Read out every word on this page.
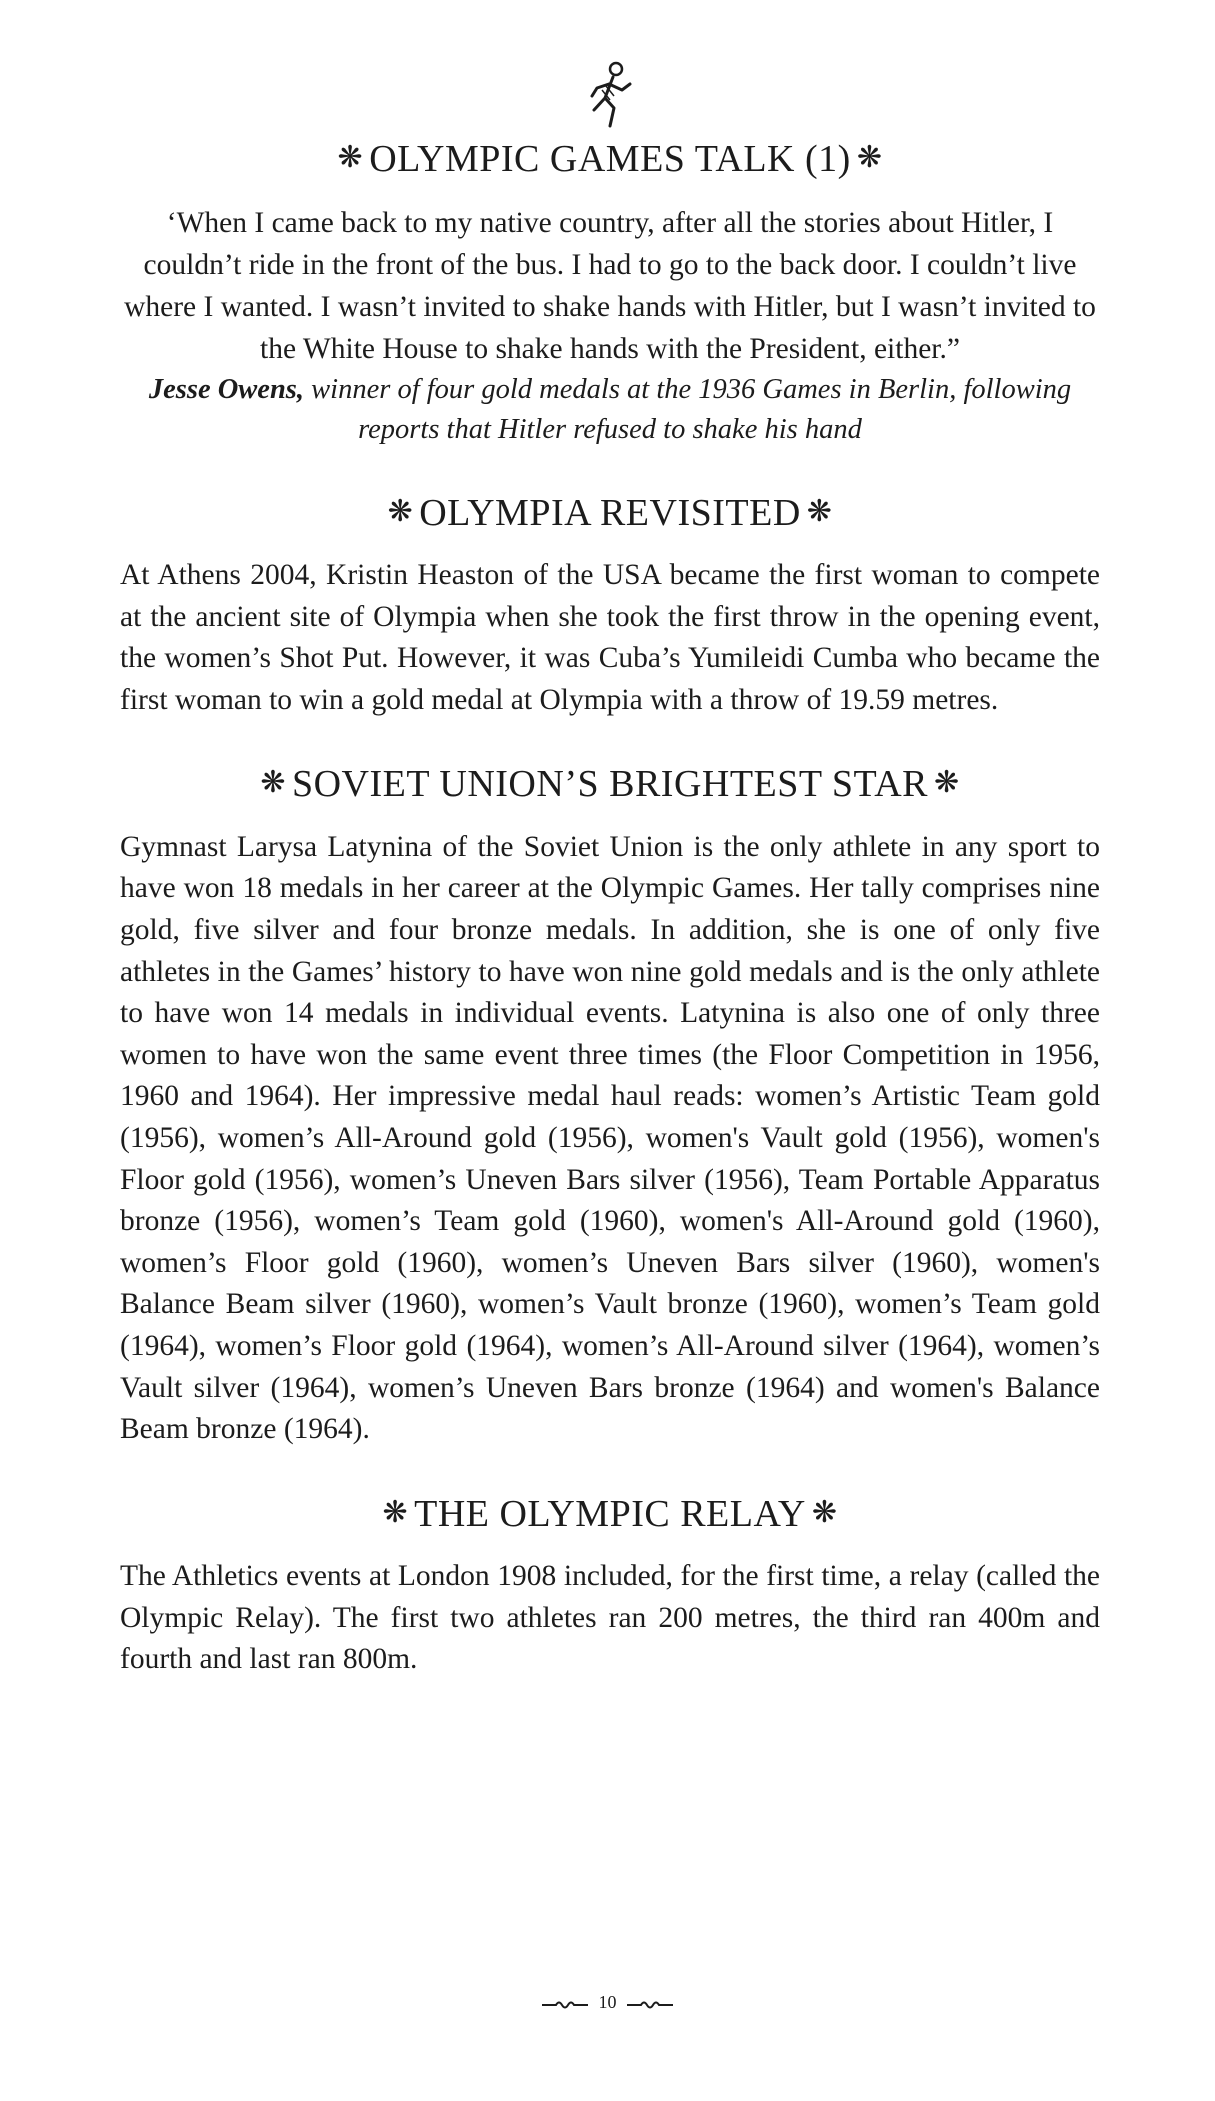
❋ OLYMPIC GAMES TALK (1) ❋

‘When I came back to my native country, after all the stories about Hitler, I couldn’t ride in the front of the bus. I had to go to the back door. I couldn’t live where I wanted. I wasn’t invited to shake hands with Hitler, but I wasn’t invited to the White House to shake hands with the President, either.”

Jesse Owens, winner of four gold medals at the 1936 Games in Berlin, following reports that Hitler refused to shake his hand

❋ OLYMPIA REVISITED ❋

At Athens 2004, Kristin Heaston of the USA became the first woman to compete at the ancient site of Olympia when she took the first throw in the opening event, the women’s Shot Put. However, it was Cuba’s Yumileidi Cumba who became the first woman to win a gold medal at Olympia with a throw of 19.59 metres.

❋ SOVIET UNION’S BRIGHTEST STAR ❋

Gymnast Larysa Latynina of the Soviet Union is the only athlete in any sport to have won 18 medals in her career at the Olympic Games. Her tally comprises nine gold, five silver and four bronze medals. In addition, she is one of only five athletes in the Games’ history to have won nine gold medals and is the only athlete to have won 14 medals in individual events. Latynina is also one of only three women to have won the same event three times (the Floor Competition in 1956, 1960 and 1964). Her impressive medal haul reads: women’s Artistic Team gold (1956), women’s All-Around gold (1956), women's Vault gold (1956), women's Floor gold (1956), women’s Uneven Bars silver (1956), Team Portable Apparatus bronze (1956), women’s Team gold (1960), women's All-Around gold (1960), women’s Floor gold (1960), women’s Uneven Bars silver (1960), women's Balance Beam silver (1960), women’s Vault bronze (1960), women’s Team gold (1964), women’s Floor gold (1964), women’s All-Around silver (1964), women’s Vault silver (1964), women’s Uneven Bars bronze (1964) and women's Balance Beam bronze (1964).

❋ THE OLYMPIC RELAY ❋

The Athletics events at London 1908 included, for the first time, a relay (called the Olympic Relay). The first two athletes ran 200 metres, the third ran 400m and fourth and last ran 800m.

10
